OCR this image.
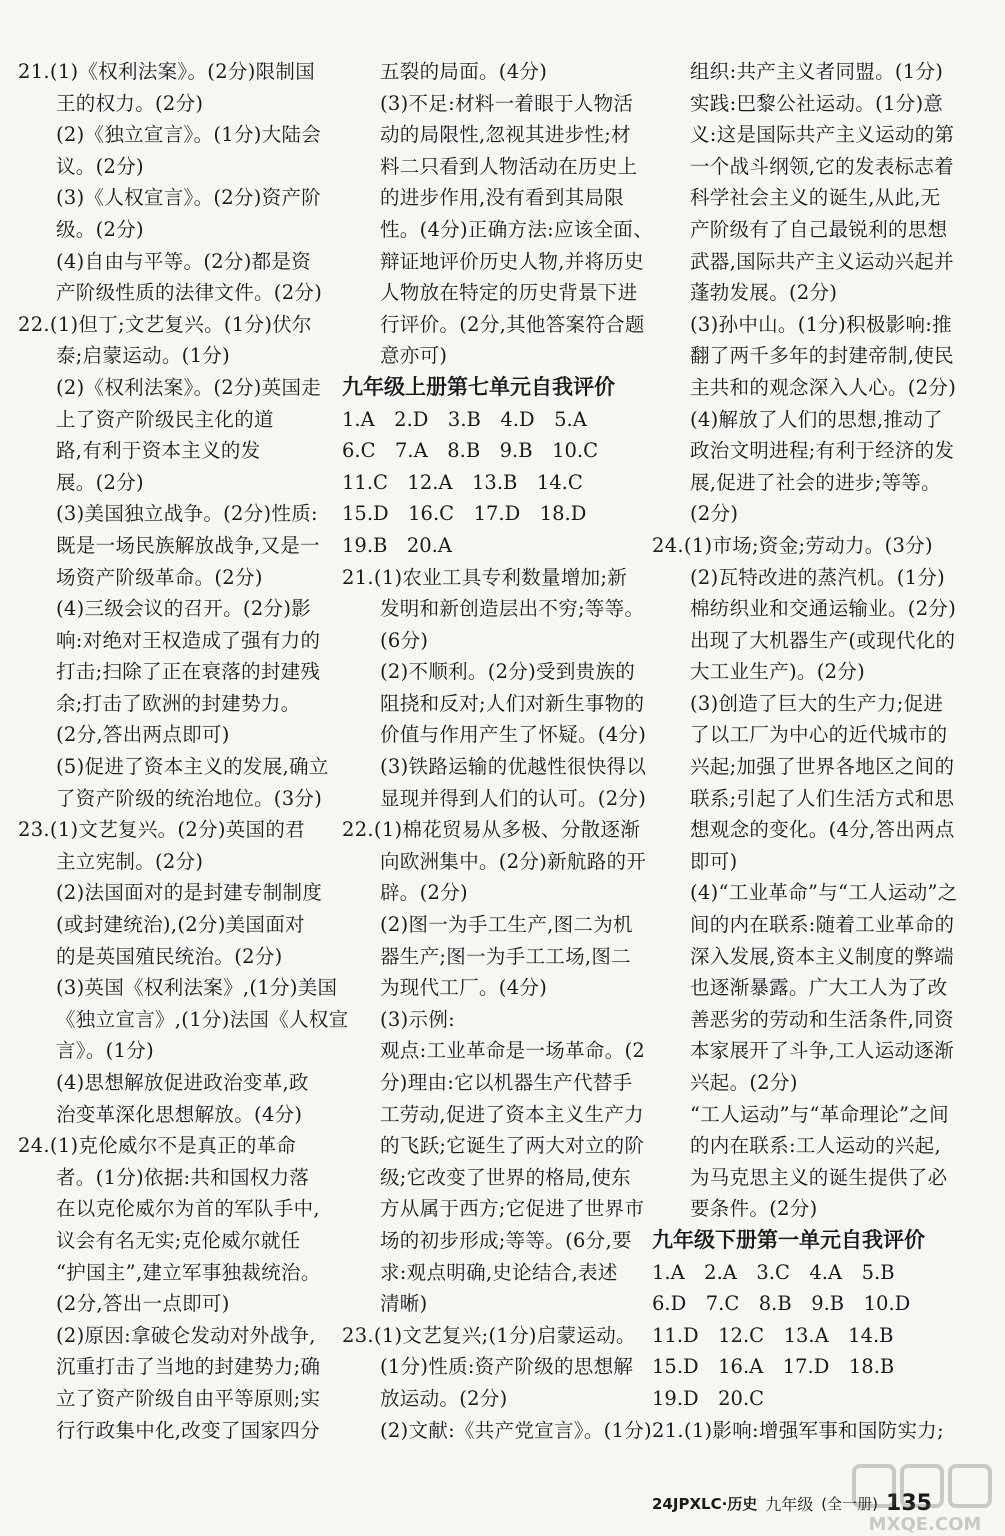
21.(1)《权利法案》。(2分)限制国
王的权力。(2分)
(2)《独立宣言》。(1分)大陆会
议。(2分)
(3)《人权宣言》。(2分)资产阶
级。(2分)
(4)自由与平等。(2分)都是资
产阶级性质的法律文件。(2分)
22.(1)但丁;文艺复兴。(1分)伏尔
泰;启蒙运动。(1分)
(2)《权利法案》。(2分)英国走
上了资产阶级民主化的道
路,有利于资本主义的发
展。(2分)
(3)美国独立战争。(2分)性质:
既是一场民族解放战争,又是一
场资产阶级革命。(2分)
(4)三级会议的召开。(2分)影
响:对绝对王权造成了强有力的
打击;扫除了正在衰落的封建残
余;打击了欧洲的封建势力。
(2分,答出两点即可)
(5)促进了资本主义的发展,确立
了资产阶级的统治地位。(3分)
23.(1)文艺复兴。(2分)英国的君
主立宪制。(2分)
(2)法国面对的是封建专制制度
(或封建统治),(2分)美国面对
的是英国殖民统治。(2分)
(3)英国《权利法案》,(1分)美国
《独立宣言》,(1分)法国《人权宣
言》。(1分)
(4)思想解放促进政治变革,政
治变革深化思想解放。(4分)
24.(1)克伦威尔不是真正的革命
者。(1分)依据:共和国权力落
在以克伦威尔为首的军队手中,
议会有名无实;克伦威尔就任
“护国主”,建立军事独裁统治。
(2分,答出一点即可)
(2)原因:拿破仑发动对外战争,
沉重打击了当地的封建势力;确
立了资产阶级自由平等原则;实
行行政集中化,改变了国家四分
五裂的局面。(4分)
(3)不足:材料一着眼于人物活
动的局限性,忽视其进步性;材
料二只看到人物活动在历史上
的进步作用,没有看到其局限
性。(4分)正确方法:应该全面、
辩证地评价历史人物,并将历史
人物放在特定的历史背景下进
行评价。(2分,其他答案符合题
意亦可)
九年级上册第七单元自我评价
1.A　2.D　3.B　4.D　5.A
6.C　7.A　8.B　9.B　10.C
11.C　12.A　13.B　14.C
15.D　16.C　17.D　18.D
19.B　20.A
21.(1)农业工具专利数量增加;新
发明和新创造层出不穷;等等。
(6分)
(2)不顺利。(2分)受到贵族的
阻挠和反对;人们对新生事物的
价值与作用产生了怀疑。(4分)
(3)铁路运输的优越性很快得以
显现并得到人们的认可。(2分)
22.(1)棉花贸易从多极、分散逐渐
向欧洲集中。(2分)新航路的开
辟。(2分)
(2)图一为手工生产,图二为机
器生产;图一为手工工场,图二
为现代工厂。(4分)
(3)示例:
观点:工业革命是一场革命。(2
分)理由:它以机器生产代替手
工劳动,促进了资本主义生产力
的飞跃;它诞生了两大对立的阶
级;它改变了世界的格局,使东
方从属于西方;它促进了世界市
场的初步形成;等等。(6分,要
求:观点明确,史论结合,表述
清晰)
23.(1)文艺复兴;(1分)启蒙运动。
(1分)性质:资产阶级的思想解
放运动。(2分)
(2)文献:《共产党宣言》。(1分)
组织:共产主义者同盟。(1分)
实践:巴黎公社运动。(1分)意
义:这是国际共产主义运动的第
一个战斗纲领,它的发表标志着
科学社会主义的诞生,从此,无
产阶级有了自己最锐利的思想
武器,国际共产主义运动兴起并
蓬勃发展。(2分)
(3)孙中山。(1分)积极影响:推
翻了两千多年的封建帝制,使民
主共和的观念深入人心。(2分)
(4)解放了人们的思想,推动了
政治文明进程;有利于经济的发
展,促进了社会的进步;等等。
(2分)
24.(1)市场;资金;劳动力。(3分)
(2)瓦特改进的蒸汽机。(1分)
棉纺织业和交通运输业。(2分)
出现了大机器生产(或现代化的
大工业生产)。(2分)
(3)创造了巨大的生产力;促进
了以工厂为中心的近代城市的
兴起;加强了世界各地区之间的
联系;引起了人们生活方式和思
想观念的变化。(4分,答出两点
即可)
(4)“工业革命”与“工人运动”之
间的内在联系:随着工业革命的
深入发展,资本主义制度的弊端
也逐渐暴露。广大工人为了改
善恶劣的劳动和生活条件,同资
本家展开了斗争,工人运动逐渐
兴起。(2分)
“工人运动”与“革命理论”之间
的内在联系:工人运动的兴起,
为马克思主义的诞生提供了必
要条件。(2分)
九年级下册第一单元自我评价
1.A　2.A　3.C　4.A　5.B
6.D　7.C　8.B　9.B　10.D
11.D　12.C　13.A　14.B
15.D　16.A　17.D　18.B
19.D　20.C
21.(1)影响:增强军事和国防实力;
24JPXLC·历史 九年级 (全一册) 135
MXQE.COM
